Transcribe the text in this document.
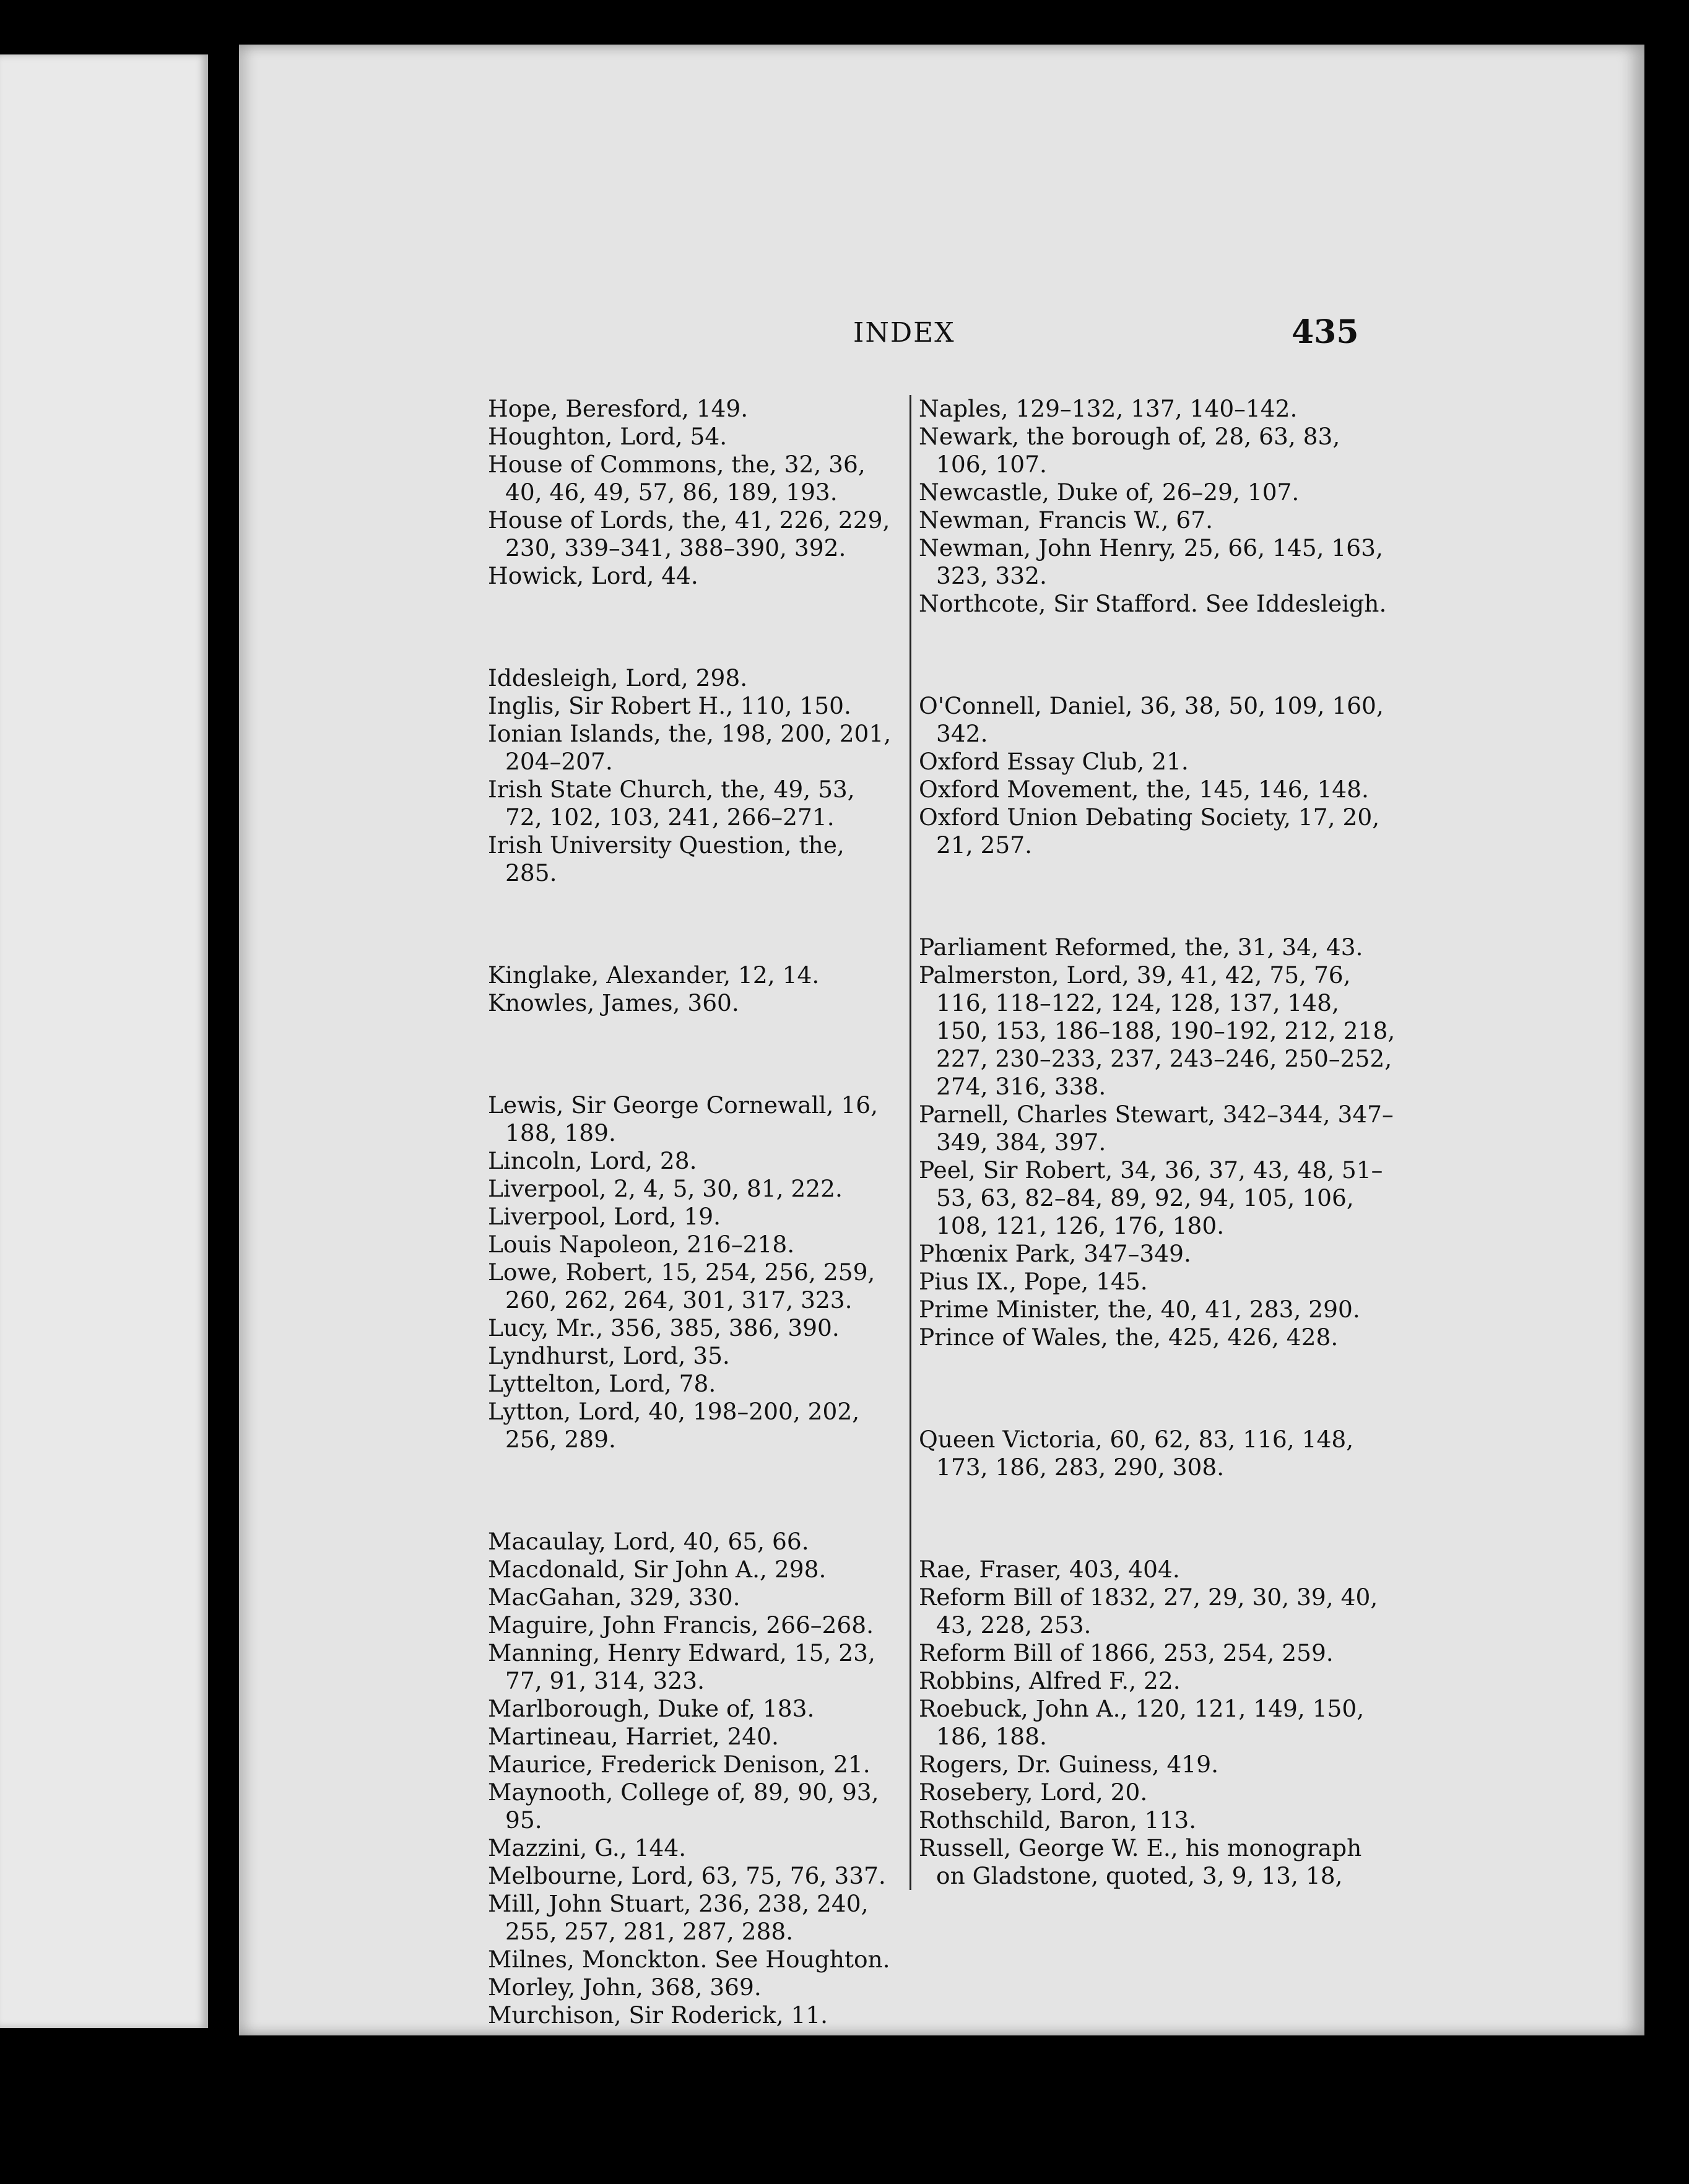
INDEX	435

Hope, Beresford, 149.

Houghton, Lord, 54.

House of Commons, the, 32, 36, 40, 46, 49, 57, 86, 189, 193.

House of Lords, the, 41, 226, 229, 230, 339–341, 388–390, 392.

Howick, Lord, 44.

Iddesleigh, Lord, 298.

Inglis, Sir Robert H., 110, 150.

Ionian Islands, the, 198, 200, 201, 204–207.

Irish State Church, the, 49, 53, 72, 102, 103, 241, 266–271.

Irish University Question, the, 285.

Kinglake, Alexander, 12, 14.

Knowles, James, 360.

Lewis, Sir George Cornewall, 16, 188, 189.

Lincoln, Lord, 28.

Liverpool, 2, 4, 5, 30, 81, 222.

Liverpool, Lord, 19.

Louis Napoleon, 216–218.

Lowe, Robert, 15, 254, 256, 259, 260, 262, 264, 301, 317, 323.

Lucy, Mr., 356, 385, 386, 390.

Lyndhurst, Lord, 35.

Lyttelton, Lord, 78.

Lytton, Lord, 40, 198–200, 202, 256, 289.

Macaulay, Lord, 40, 65, 66.

Macdonald, Sir John A., 298.

MacGahan, 329, 330.

Maguire, John Francis, 266–268.

Manning, Henry Edward, 15, 23, 77, 91, 314, 323.

Marlborough, Duke of, 183.

Martineau, Harriet, 240.

Maurice, Frederick Denison, 21.

Maynooth, College of, 89, 90, 93, 95.

Mazzini, G., 144.

Melbourne, Lord, 63, 75, 76, 337.

Mill, John Stuart, 236, 238, 240, 255, 257, 281, 287, 288.

Milnes, Monckton. See Houghton.

Morley, John, 368, 369.

Murchison, Sir Roderick, 11.

Naples, 129–132, 137, 140–142.

Newark, the borough of, 28, 63, 83, 106, 107.

Newcastle, Duke of, 26–29, 107.

Newman, Francis W., 67.

Newman, John Henry, 25, 66, 145, 163, 323, 332.

Northcote, Sir Stafford. See Iddesleigh.

O'Connell, Daniel, 36, 38, 50, 109, 160, 342.

Oxford Essay Club, 21.

Oxford Movement, the, 145, 146, 148.

Oxford Union Debating Society, 17, 20, 21, 257.

Parliament Reformed, the, 31, 34, 43.

Palmerston, Lord, 39, 41, 42, 75, 76, 116, 118–122, 124, 128, 137, 148, 150, 153, 186–188, 190–192, 212, 218, 227, 230–233, 237, 243–246, 250–252, 274, 316, 338.

Parnell, Charles Stewart, 342–344, 347–349, 384, 397.

Peel, Sir Robert, 34, 36, 37, 43, 48, 51–53, 63, 82–84, 89, 92, 94, 105, 106, 108, 121, 126, 176, 180.

Phœnix Park, 347–349.

Pius IX., Pope, 145.

Prime Minister, the, 40, 41, 283, 290.

Prince of Wales, the, 425, 426, 428.

Queen Victoria, 60, 62, 83, 116, 148, 173, 186, 283, 290, 308.

Rae, Fraser, 403, 404.

Reform Bill of 1832, 27, 29, 30, 39, 40, 43, 228, 253.

Reform Bill of 1866, 253, 254, 259.

Robbins, Alfred F., 22.

Roebuck, John A., 120, 121, 149, 150, 186, 188.

Rogers, Dr. Guiness, 419.

Rosebery, Lord, 20.

Rothschild, Baron, 113.

Russell, George W. E., his monograph on Gladstone, quoted, 3, 9, 13, 18,
